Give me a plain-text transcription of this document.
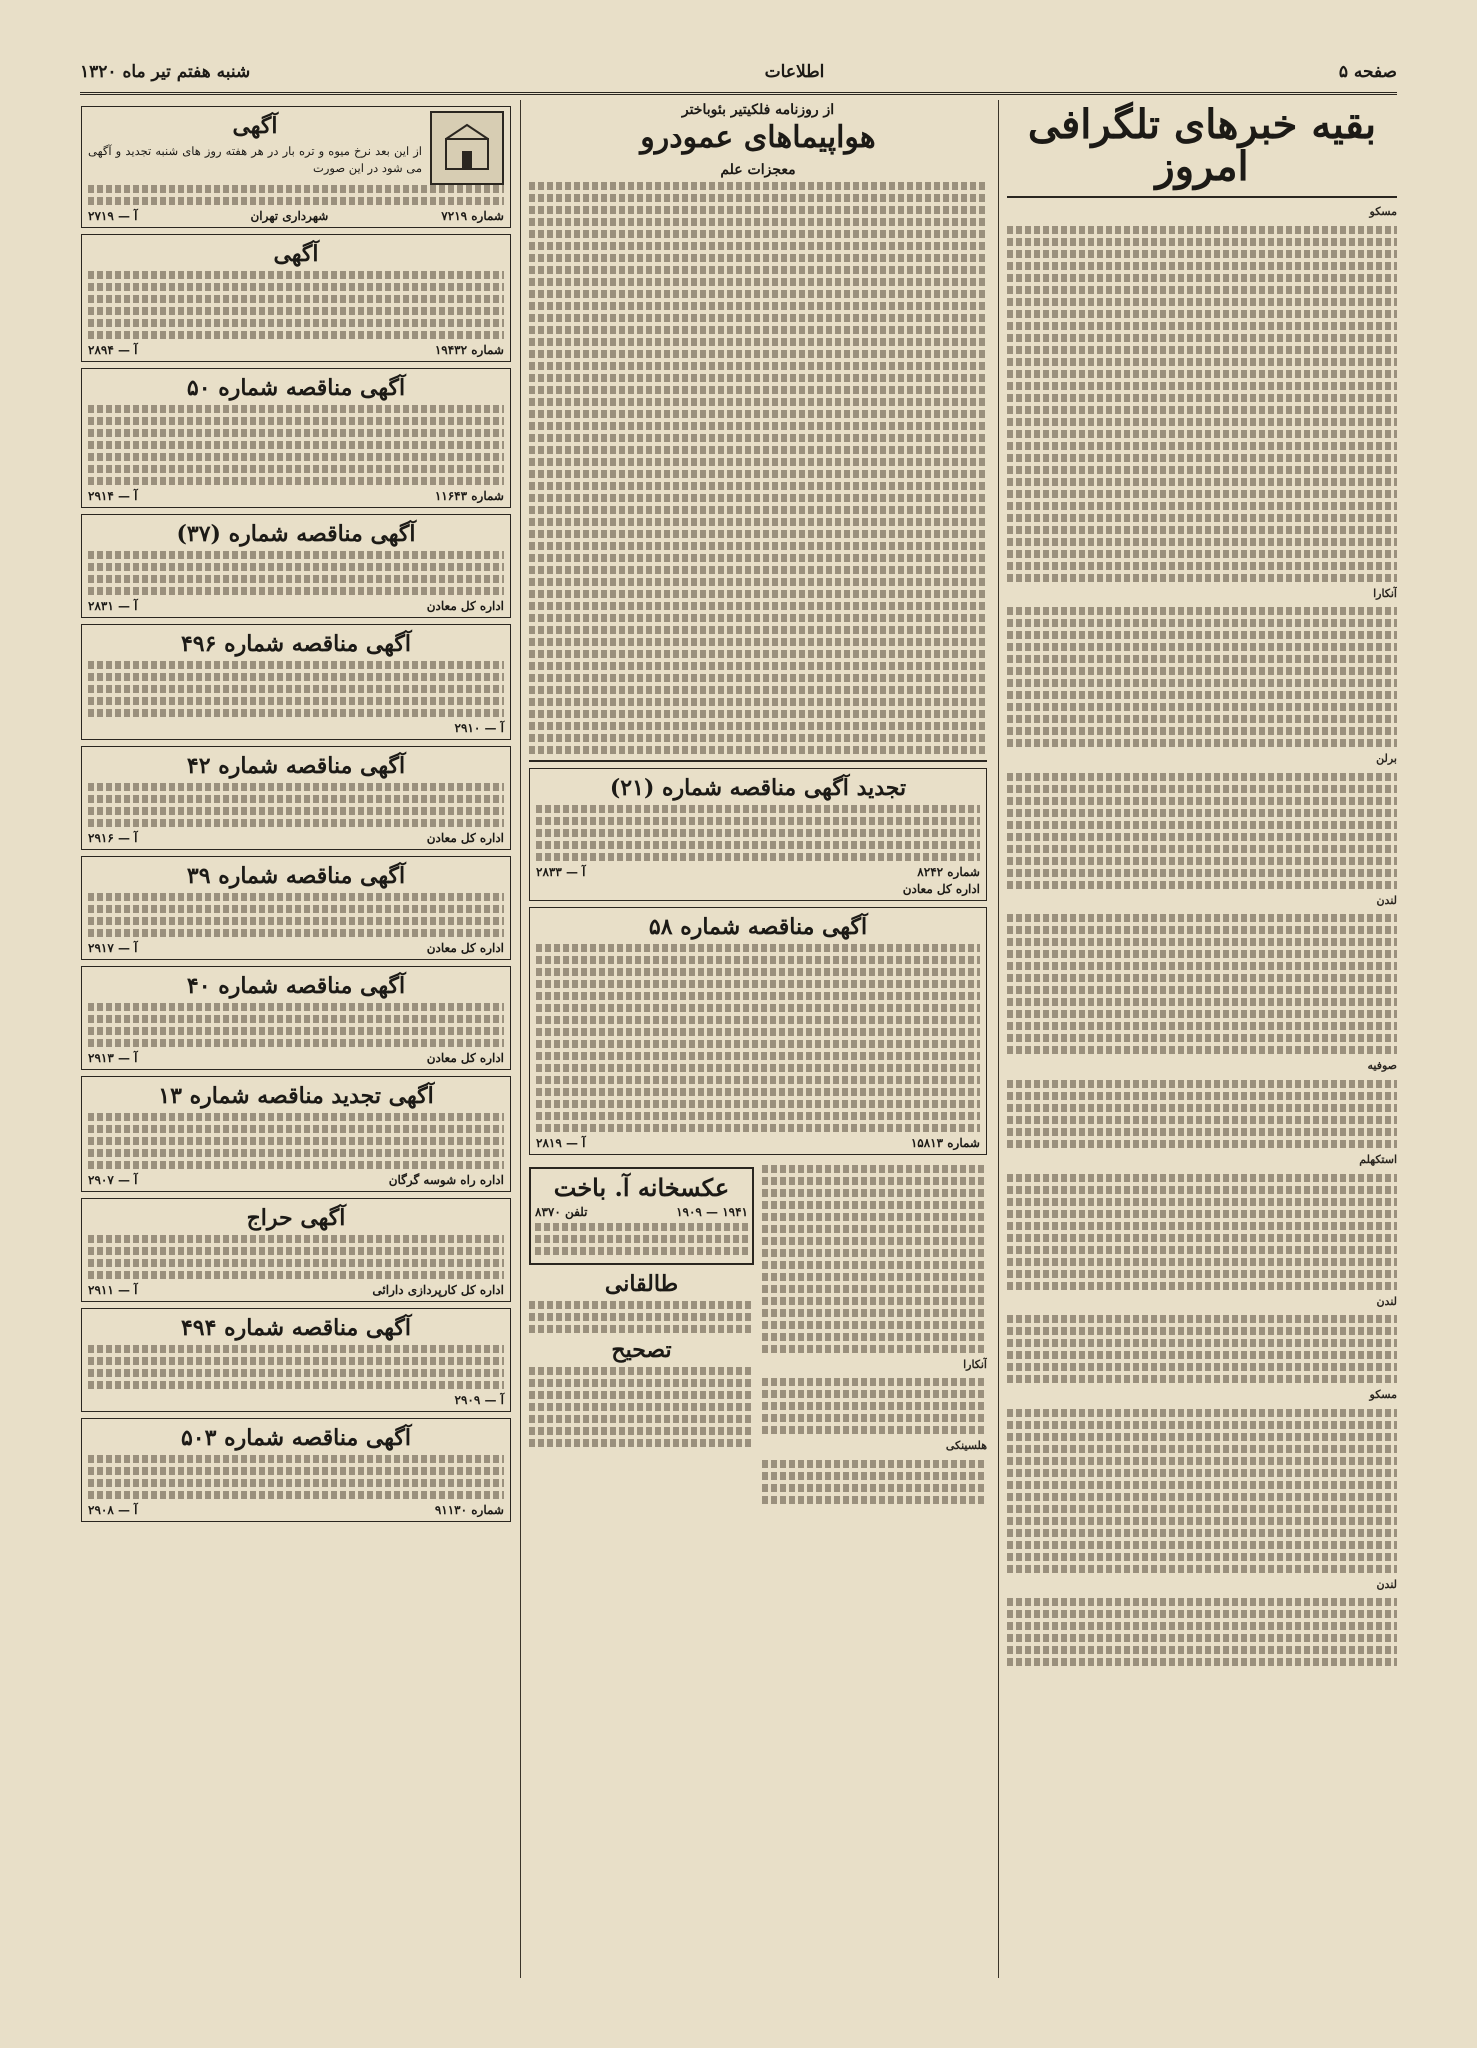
صفحه ۵
اطلاعات
شنبه هفتم تیر ماه ۱۳۲۰
بقیه خبرهای تلگرافی امروز

مسکو

آنکارا

برلن

لندن

صوفیه

استکهلم

لندن

مسکو

لندن

از روزنامه فلکیتیر بئوباختر
هواپیماهای عمودرو
معجزات علم
تجدید آگهی مناقصه شماره (۲۱)
شماره ۸۲۴۲
آ — ۲۸۳۳
اداره کل معادن
آگهی مناقصه شماره ۵۸
شماره ۱۵۸۱۳
آ — ۲۸۱۹

آنکارا

هلسینکی

عکسخانه آ. باخت
۱۹۴۱ — ۱۹۰۹
تلفن ۸۳۷۰
طالقانی
تصحیح
آگهی
از این بعد نرخ میوه و تره بار در هر هفته روز های شنبه تجدید و آگهی می شود در این صورت
شماره ۷۲۱۹
شهرداری تهران
آ — ۲۷۱۹
آگهی
شماره ۱۹۴۳۲
آ — ۲۸۹۴
آگهی مناقصه شماره ۵۰
شماره ۱۱۶۴۳
آ — ۲۹۱۴
آگهی مناقصه شماره (۳۷)
اداره کل معادن
آ — ۲۸۳۱
آگهی مناقصه شماره ۴۹۶
آ — ۲۹۱۰
آگهی مناقصه شماره ۴۲
اداره کل معادن
آ — ۲۹۱۶
آگهی مناقصه شماره ۳۹
اداره کل معادن
آ — ۲۹۱۷
آگهی مناقصه شماره ۴۰
اداره کل معادن
آ — ۲۹۱۳
آگهی تجدید مناقصه شماره ۱۳
اداره راه شوسه گرگان
آ — ۲۹۰۷
آگهی حراج
اداره کل کارپردازی دارائی
آ — ۲۹۱۱
آگهی مناقصه شماره ۴۹۴
آ — ۲۹۰۹
آگهی مناقصه شماره ۵۰۳
شماره ۹۱۱۳۰
آ — ۲۹۰۸
